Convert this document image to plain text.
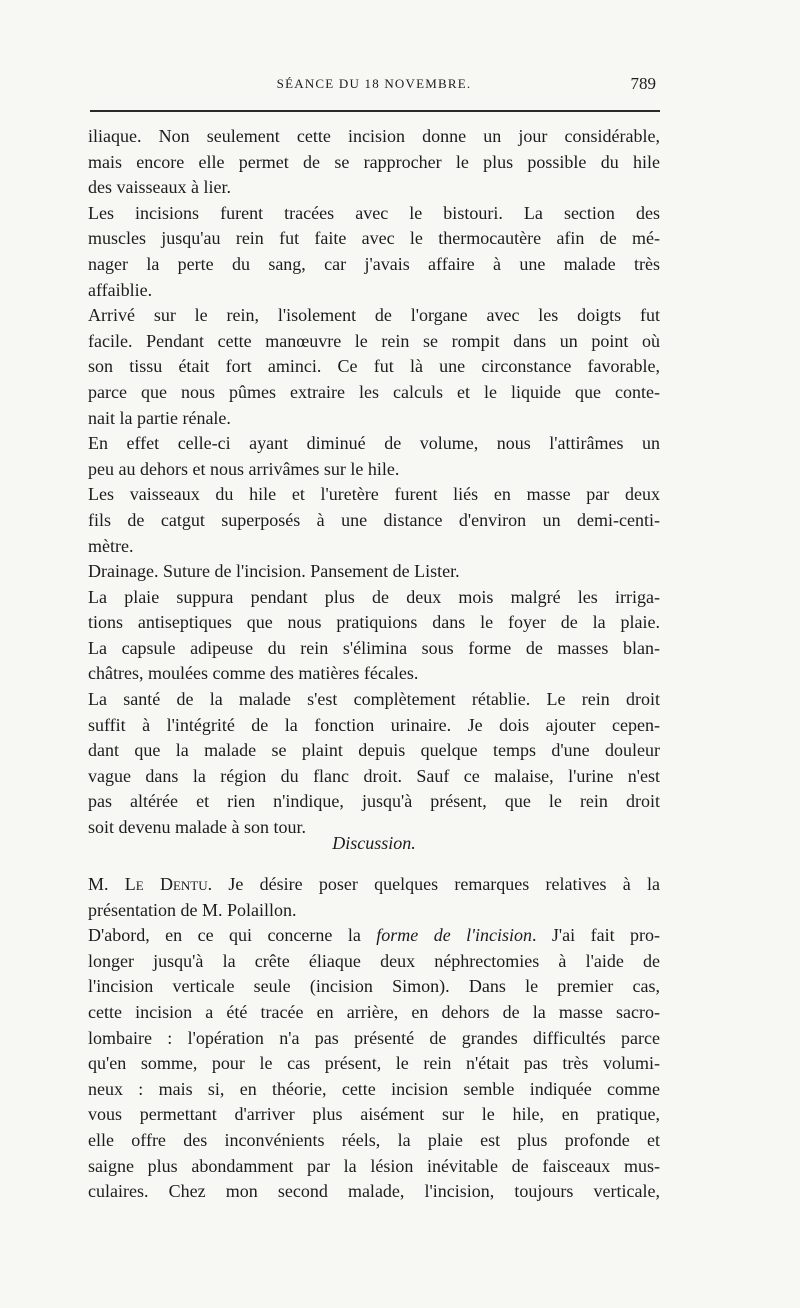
SÉANCE DU 18 NOVEMBRE.	789
iliaque. Non seulement cette incision donne un jour considérable,
mais encore elle permet de se rapprocher le plus possible du hile
des vaisseaux à lier.
Les incisions furent tracées avec le bistouri. La section des
muscles jusqu'au rein fut faite avec le thermocautère afin de mé-
nager la perte du sang, car j'avais affaire à une malade très
affaiblie.
Arrivé sur le rein, l'isolement de l'organe avec les doigts fut
facile. Pendant cette manœuvre le rein se rompit dans un point où
son tissu était fort aminci. Ce fut là une circonstance favorable,
parce que nous pûmes extraire les calculs et le liquide que conte-
nait la partie rénale.
En effet celle-ci ayant diminué de volume, nous l'attirâmes un
peu au dehors et nous arrivâmes sur le hile.
Les vaisseaux du hile et l'uretère furent liés en masse par deux
fils de catgut superposés à une distance d'environ un demi-centi-
mètre.
Drainage. Suture de l'incision. Pansement de Lister.
La plaie suppura pendant plus de deux mois malgré les irriga-
tions antiseptiques que nous pratiquions dans le foyer de la plaie.
La capsule adipeuse du rein s'élimina sous forme de masses blan-
châtres, moulées comme des matières fécales.
La santé de la malade s'est complètement rétablie. Le rein droit
suffit à l'intégrité de la fonction urinaire. Je dois ajouter cepen-
dant que la malade se plaint depuis quelque temps d'une douleur
vague dans la région du flanc droit. Sauf ce malaise, l'urine n'est
pas altérée et rien n'indique, jusqu'à présent, que le rein droit
soit devenu malade à son tour.
Discussion.
M. Le Dentu. Je désire poser quelques remarques relatives à la
présentation de M. Polaillon.
D'abord, en ce qui concerne la forme de l'incision. J'ai fait pro-
longer jusqu'à la crête éliaque deux néphrectomies à l'aide de
l'incision verticale seule (incision Simon). Dans le premier cas,
cette incision a été tracée en arrière, en dehors de la masse sacro-
lombaire : l'opération n'a pas présenté de grandes difficultés parce
qu'en somme, pour le cas présent, le rein n'était pas très volumi-
neux : mais si, en théorie, cette incision semble indiquée comme
vous permettant d'arriver plus aisément sur le hile, en pratique,
elle offre des inconvénients réels, la plaie est plus profonde et
saigne plus abondamment par la lésion inévitable de faisceaux mus-
culaires. Chez mon second malade, l'incision, toujours verticale,
